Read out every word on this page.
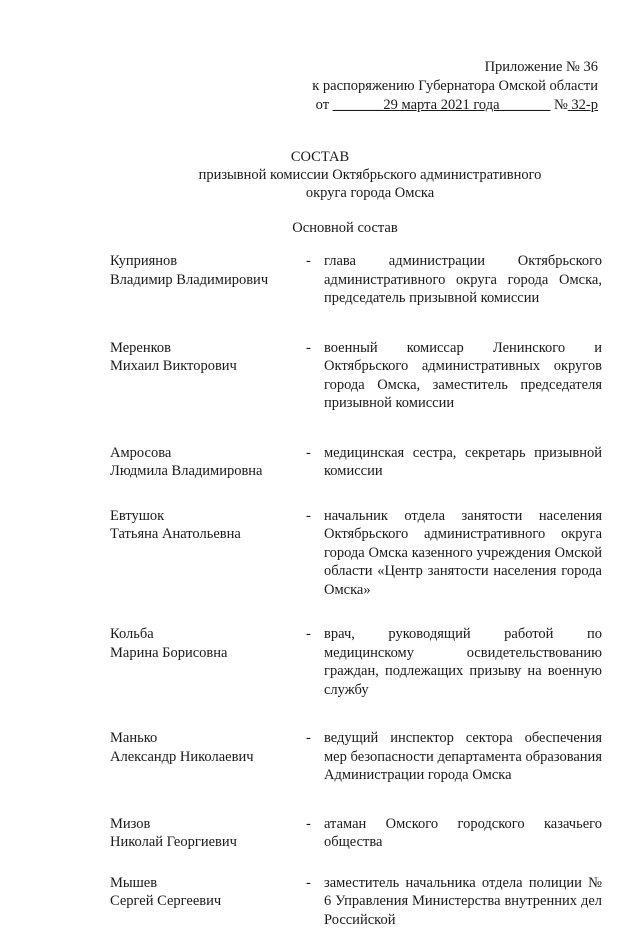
Приложение № 36
к распоряжению Губернатора Омской области
от _______29 марта 2021 года_______ № 32-р
СОСТАВ
призывной комиссии Октябрьского административного
округа города Омска
Основной состав
Куприянов
Владимир Владимирович
- глава администрации Октябрьского административного округа города Омска, председатель призывной комиссии
Меренков
Михаил Викторович
- военный комиссар Ленинского и Октябрьского административных округов города Омска, заместитель председателя призывной комиссии
Амросова
Людмила Владимировна
- медицинская сестра, секретарь призывной комиссии
Евтушок
Татьяна Анатольевна
- начальник отдела занятости населения Октябрьского административного округа города Омска казенного учреждения Омской области «Центр занятости населения города Омска»
Кольба
Марина Борисовна
- врач, руководящий работой по медицинскому освидетельствованию граждан, подлежащих призыву на военную службу
Манько
Александр Николаевич
- ведущий инспектор сектора обеспечения мер безопасности департамента образования Администрации города Омска
Мизов
Николай Георгиевич
- атаман Омского городского казачьего общества
Мышев
Сергей Сергеевич
- заместитель начальника отдела полиции № 6 Управления Министерства внутренних дел Российской
